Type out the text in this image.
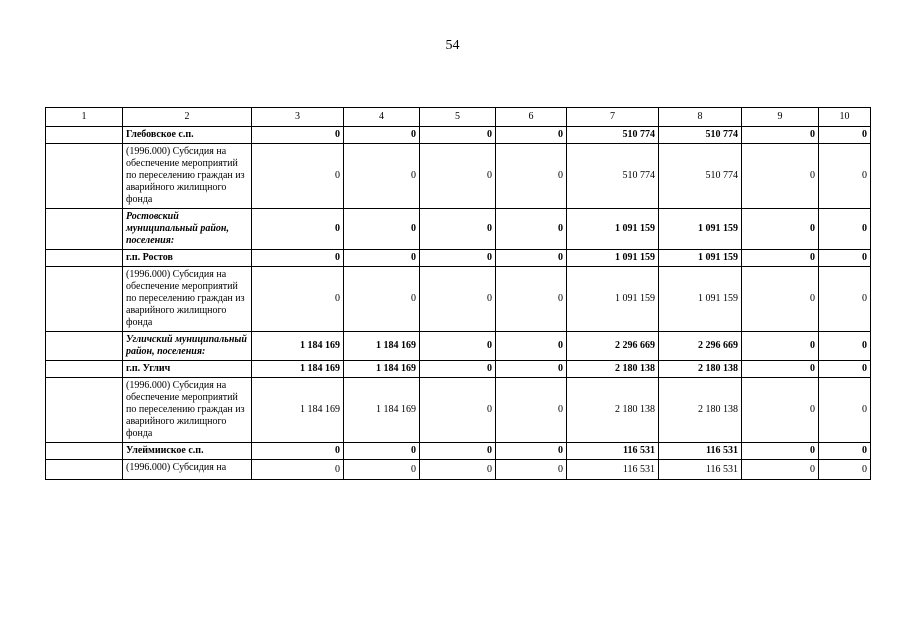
54
1	2	3	4	5	6	7	8	9	10
	Глебовское с.п.	0	0	0	0	510 774	510 774	0	0
	(1996.000) Субсидия на обеспечение мероприятий по переселению граждан из аварийного жилищного фонда	0	0	0	0	510 774	510 774	0	0
	Ростовский муниципальный район, поселения:	0	0	0	0	1 091 159	1 091 159	0	0
	г.п. Ростов	0	0	0	0	1 091 159	1 091 159	0	0
	(1996.000) Субсидия на обеспечение мероприятий по переселению граждан из аварийного жилищного фонда	0	0	0	0	1 091 159	1 091 159	0	0
	Угличский муниципальный район, поселения:	1 184 169	1 184 169	0	0	2 296 669	2 296 669	0	0
	г.п. Углич	1 184 169	1 184 169	0	0	2 180 138	2 180 138	0	0
	(1996.000) Субсидия на обеспечение мероприятий по переселению граждан из аварийного жилищного фонда	1 184 169	1 184 169	0	0	2 180 138	2 180 138	0	0
	Улеймииское с.п.	0	0	0	0	116 531	116 531	0	0
	(1996.000) Субсидия на	0	0	0	0	116 531	116 531	0	0
